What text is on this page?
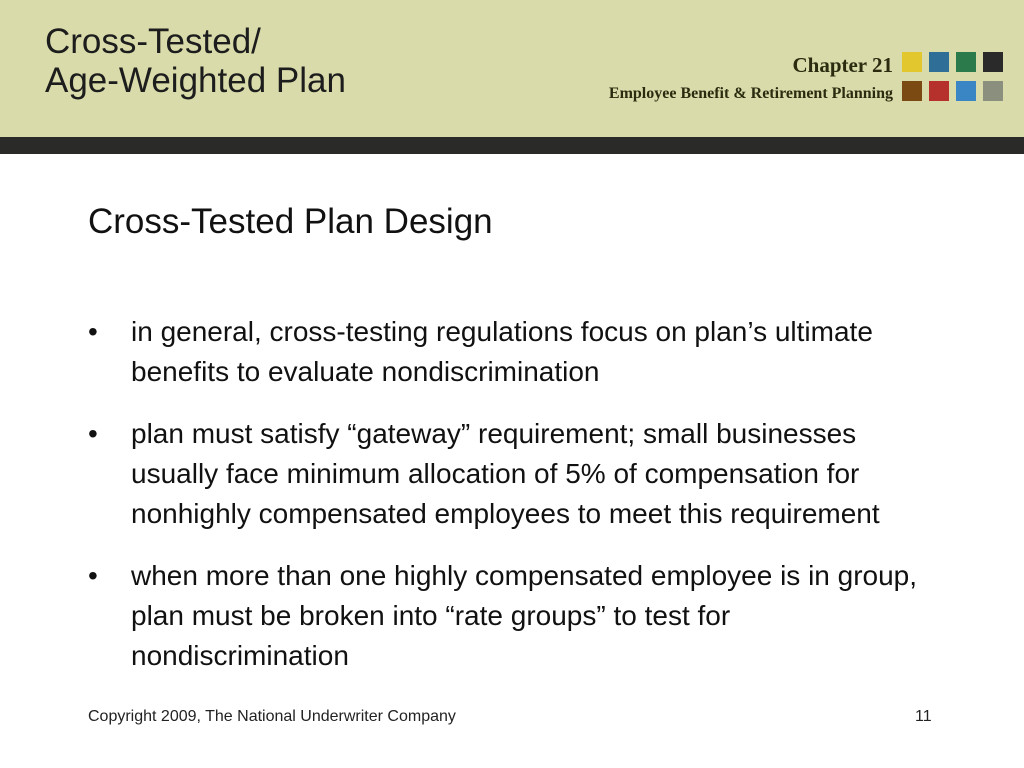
Cross-Tested/
Age-Weighted Plan	Chapter 21
Employee Benefit & Retirement Planning
Cross-Tested Plan Design
• in general, cross-testing regulations focus on plan’s ultimate benefits to evaluate nondiscrimination
• plan must satisfy “gateway” requirement; small businesses usually face minimum allocation of 5% of compensation for nonhighly compensated employees to meet this requirement
• when more than one highly compensated employee is in group, plan must be broken into “rate groups” to test for nondiscrimination
Copyright 2009, The National Underwriter Company	11
